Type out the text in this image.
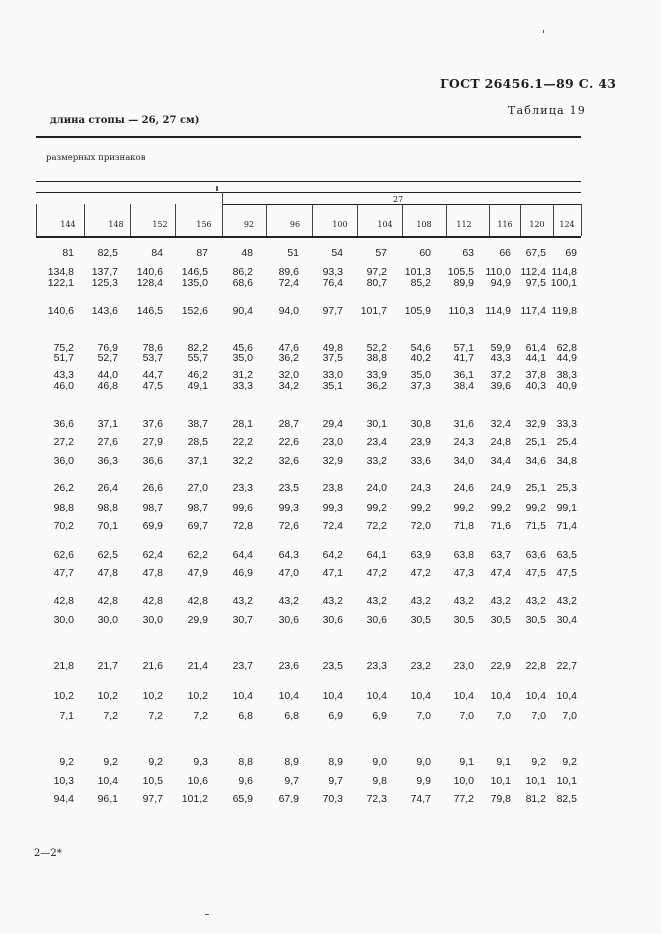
ГОСТ 26456.1—89 С. 43
Таблица 19
длина стопы — 26, 27 см)
размерных признаков
27
144	148	152	156	92	96	100	104	108	112	116	120	124
81	82,5	84	87	48	51	54	57	60	63	66	67,5	69
134,8	137,7	140,6	146,5	86,2	89,6	93,3	97,2	101,3	105,5	110,0 112,4 114,8
122,1	125,3	128,4	135,0	68,6	72,4	76,4	80,7	85,2	89,9	94,9	97,5 100,1
140,6	143,6	146,5	152,6	90,4	94,0	97,7	101,7	105,9	110,3	114,9 117,4 119,8
75,2	76,9	78,6	82,2	45,6	47,6	49,8	52,2	54,6	57,1	59,9	61,4	62,8
51,7	52,7	53,7	55,7	35,0	36,2	37,5	38,8	40,2	41,7	43,3	44,1	44,9
43,3	44,0	44,7	46,2	31,2	32,0	33,0	33,9	35,0	36,1	37,2	37,8	38,3
46,0	46,8	47,5	49,1	33,3	34,2	35,1	36,2	37,3	38,4	39,6	40,3	40,9
36,6	37,1	37,6	38,7	28,1	28,7	29,4	30,1	30,8	31,6	32,4	32,9	33,3
27,2	27,6	27,9	28,5	22,2	22,6	23,0	23,4	23,9	24,3	24,8	25,1	25,4
36,0	36,3	36,6	37,1	32,2	32,6	32,9	33,2	33,6	34,0	34,4	34,6	34,8
26,2	26,4	26,6	27,0	23,3	23,5	23,8	24,0	24,3	24,6	24,9	25,1	25,3
98,8	98,8	98,7	98,7	99,6	99,3	99,3	99,2	99,2	99,2	99,2	99,2	99,1
70,2	70,1	69,9	69,7	72,8	72,6	72,4	72,2	72,0	71,8	71,6	71,5	71,4
62,6	62,5	62,4	62,2	64,4	64,3	64,2	64,1	63,9	63,8	63,7	63,6	63,5
47,7	47,8	47,8	47,9	46,9	47,0	47,1	47,2	47,2	47,3	47,4	47,5	47,5
42,8	42,8	42,8	42,8	43,2	43,2	43,2	43,2	43,2	43,2	43,2	43,2	43,2
30,0	30,0	30,0	29,9	30,7	30,6	30,6	30,6	30,5	30,5	30,5	30,5	30,4
21,8	21,7	21,6	21,4	23,7	23,6	23,5	23,3	23,2	23,0	22,9	22,8	22,7
10,2	10,2	10,2	10,2	10,4	10,4	10,4	10,4	10,4	10,4	10,4	10,4	10,4
7,1	7,2	7,2	7,2	6,8	6,8	6,9	6,9	7,0	7,0	7,0	7,0	7,0
9,2	9,2	9,2	9,3	8,8	8,9	8,9	9,0	9,0	9,1	9,1	9,2	9,2
10,3	10,4	10,5	10,6	9,6	9,7	9,7	9,8	9,9	10,0	10,1	10,1	10,1
94,4	96,1	97,7	101,2	65,9	67,9	70,3	72,3	74,7	77,2	79,8	81,2	82,5
2—2*
